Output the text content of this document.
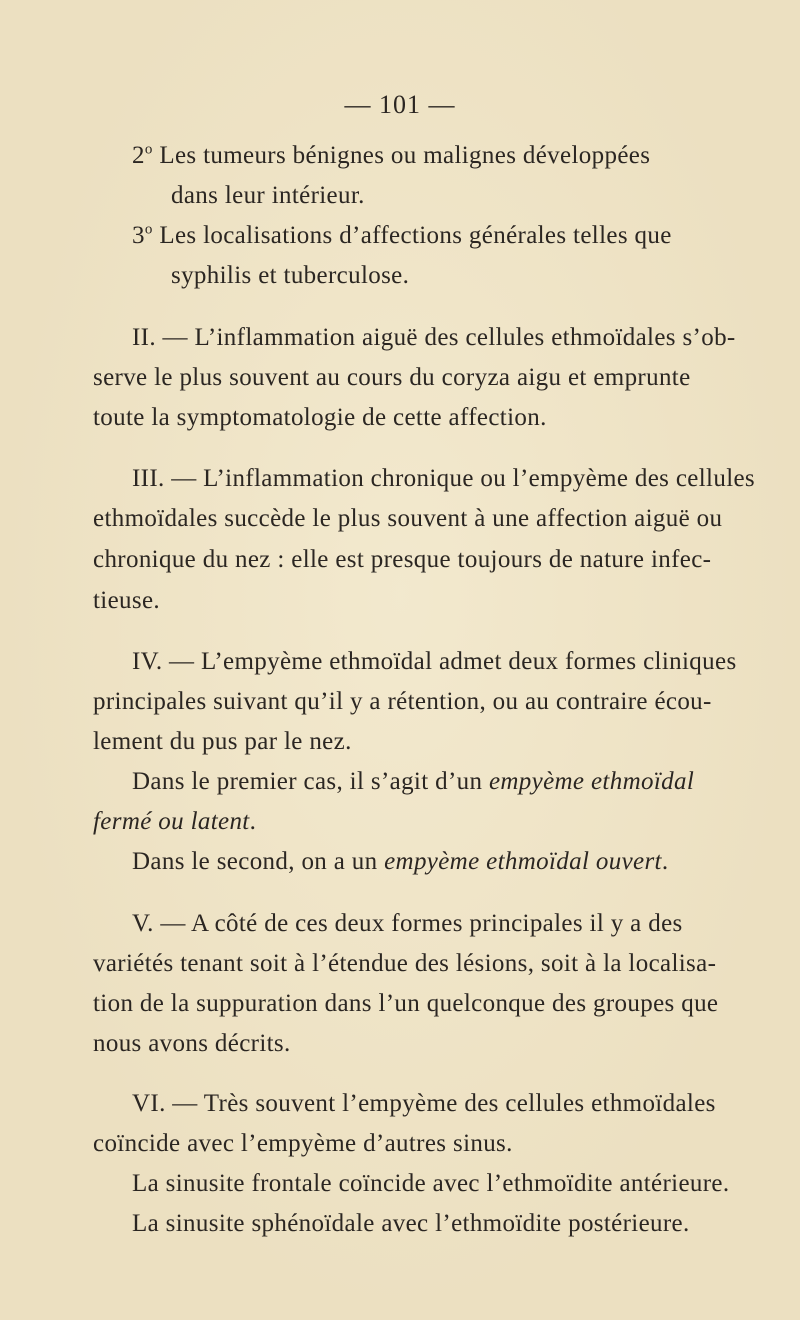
— 101 —
2$^o$ Les tumeurs bénignes ou malignes développées
dans leur intérieur.
3$^o$ Les localisations d’affections générales telles que
syphilis et tuberculose.
II. — L’inflammation aiguë des cellules ethmoïdales s’ob-
serve le plus souvent au cours du coryza aigu et emprunte
toute la symptomatologie de cette affection.
III. — L’inflammation chronique ou l’empyème des cellules
ethmoïdales succède le plus souvent à une affection aiguë ou
chronique du nez : elle est presque toujours de nature infec-
tieuse.
IV. — L’empyème ethmoïdal admet deux formes cliniques
principales suivant qu’il y a rétention, ou au contraire écou-
lement du pus par le nez.
Dans le premier cas, il s’agit d’un empyème ethmoïdal
fermé ou latent.
Dans le second, on a un empyème ethmoïdal ouvert.
V. — A côté de ces deux formes principales il y a des
variétés tenant soit à l’étendue des lésions, soit à la localisa-
tion de la suppuration dans l’un quelconque des groupes que
nous avons décrits.
VI. — Très souvent l’empyème des cellules ethmoïdales
coïncide avec l’empyème d’autres sinus.
La sinusite frontale coïncide avec l’ethmoïdite antérieure.
La sinusite sphénoïdale avec l’ethmoïdite postérieure.
